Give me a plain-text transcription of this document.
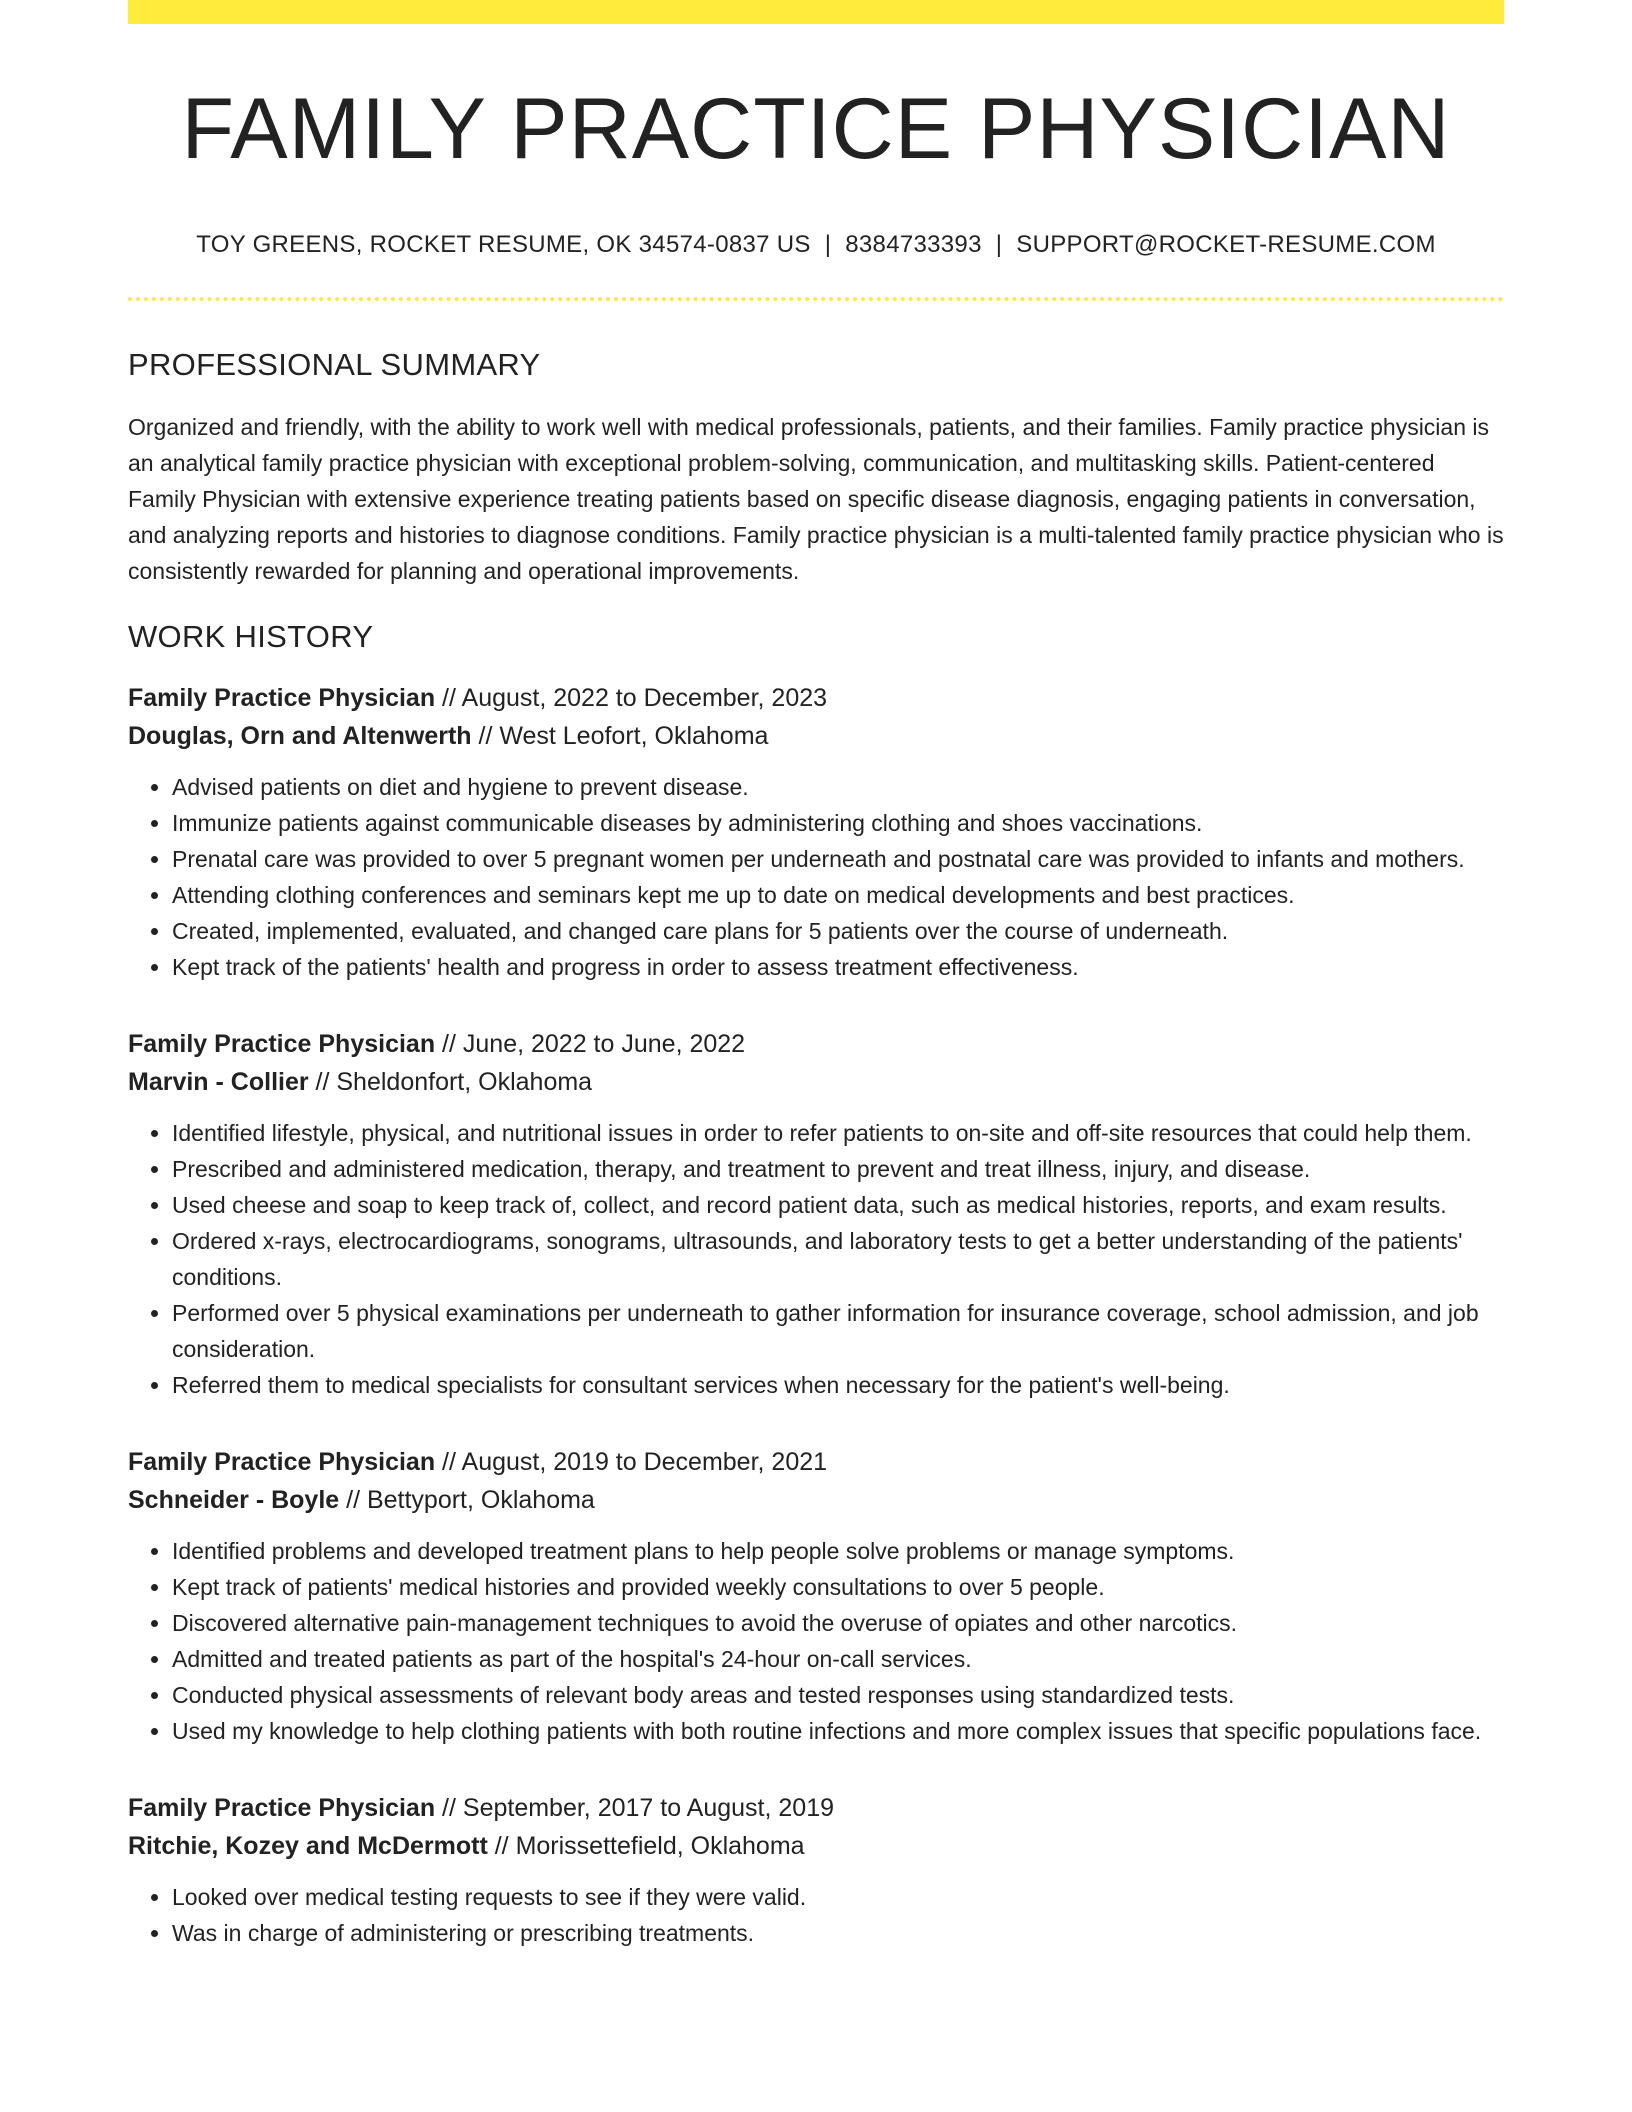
FAMILY PRACTICE PHYSICIAN
TOY GREENS, ROCKET RESUME, OK 34574-0837 US | 8384733393 | SUPPORT@ROCKET-RESUME.COM
PROFESSIONAL SUMMARY
Organized and friendly, with the ability to work well with medical professionals, patients, and their families. Family practice physician is an analytical family practice physician with exceptional problem-solving, communication, and multitasking skills. Patient-centered Family Physician with extensive experience treating patients based on specific disease diagnosis, engaging patients in conversation, and analyzing reports and histories to diagnose conditions. Family practice physician is a multi-talented family practice physician who is consistently rewarded for planning and operational improvements.
WORK HISTORY
Family Practice Physician // August, 2022 to December, 2023
Douglas, Orn and Altenwerth // West Leofort, Oklahoma
• Advised patients on diet and hygiene to prevent disease.
• Immunize patients against communicable diseases by administering clothing and shoes vaccinations.
• Prenatal care was provided to over 5 pregnant women per underneath and postnatal care was provided to infants and mothers.
• Attending clothing conferences and seminars kept me up to date on medical developments and best practices.
• Created, implemented, evaluated, and changed care plans for 5 patients over the course of underneath.
• Kept track of the patients' health and progress in order to assess treatment effectiveness.
Family Practice Physician // June, 2022 to June, 2022
Marvin - Collier // Sheldonfort, Oklahoma
• Identified lifestyle, physical, and nutritional issues in order to refer patients to on-site and off-site resources that could help them.
• Prescribed and administered medication, therapy, and treatment to prevent and treat illness, injury, and disease.
• Used cheese and soap to keep track of, collect, and record patient data, such as medical histories, reports, and exam results.
• Ordered x-rays, electrocardiograms, sonograms, ultrasounds, and laboratory tests to get a better understanding of the patients' conditions.
• Performed over 5 physical examinations per underneath to gather information for insurance coverage, school admission, and job consideration.
• Referred them to medical specialists for consultant services when necessary for the patient's well-being.
Family Practice Physician // August, 2019 to December, 2021
Schneider - Boyle // Bettyport, Oklahoma
• Identified problems and developed treatment plans to help people solve problems or manage symptoms.
• Kept track of patients' medical histories and provided weekly consultations to over 5 people.
• Discovered alternative pain-management techniques to avoid the overuse of opiates and other narcotics.
• Admitted and treated patients as part of the hospital's 24-hour on-call services.
• Conducted physical assessments of relevant body areas and tested responses using standardized tests.
• Used my knowledge to help clothing patients with both routine infections and more complex issues that specific populations face.
Family Practice Physician // September, 2017 to August, 2019
Ritchie, Kozey and McDermott // Morissettefield, Oklahoma
• Looked over medical testing requests to see if they were valid.
• Was in charge of administering or prescribing treatments.
